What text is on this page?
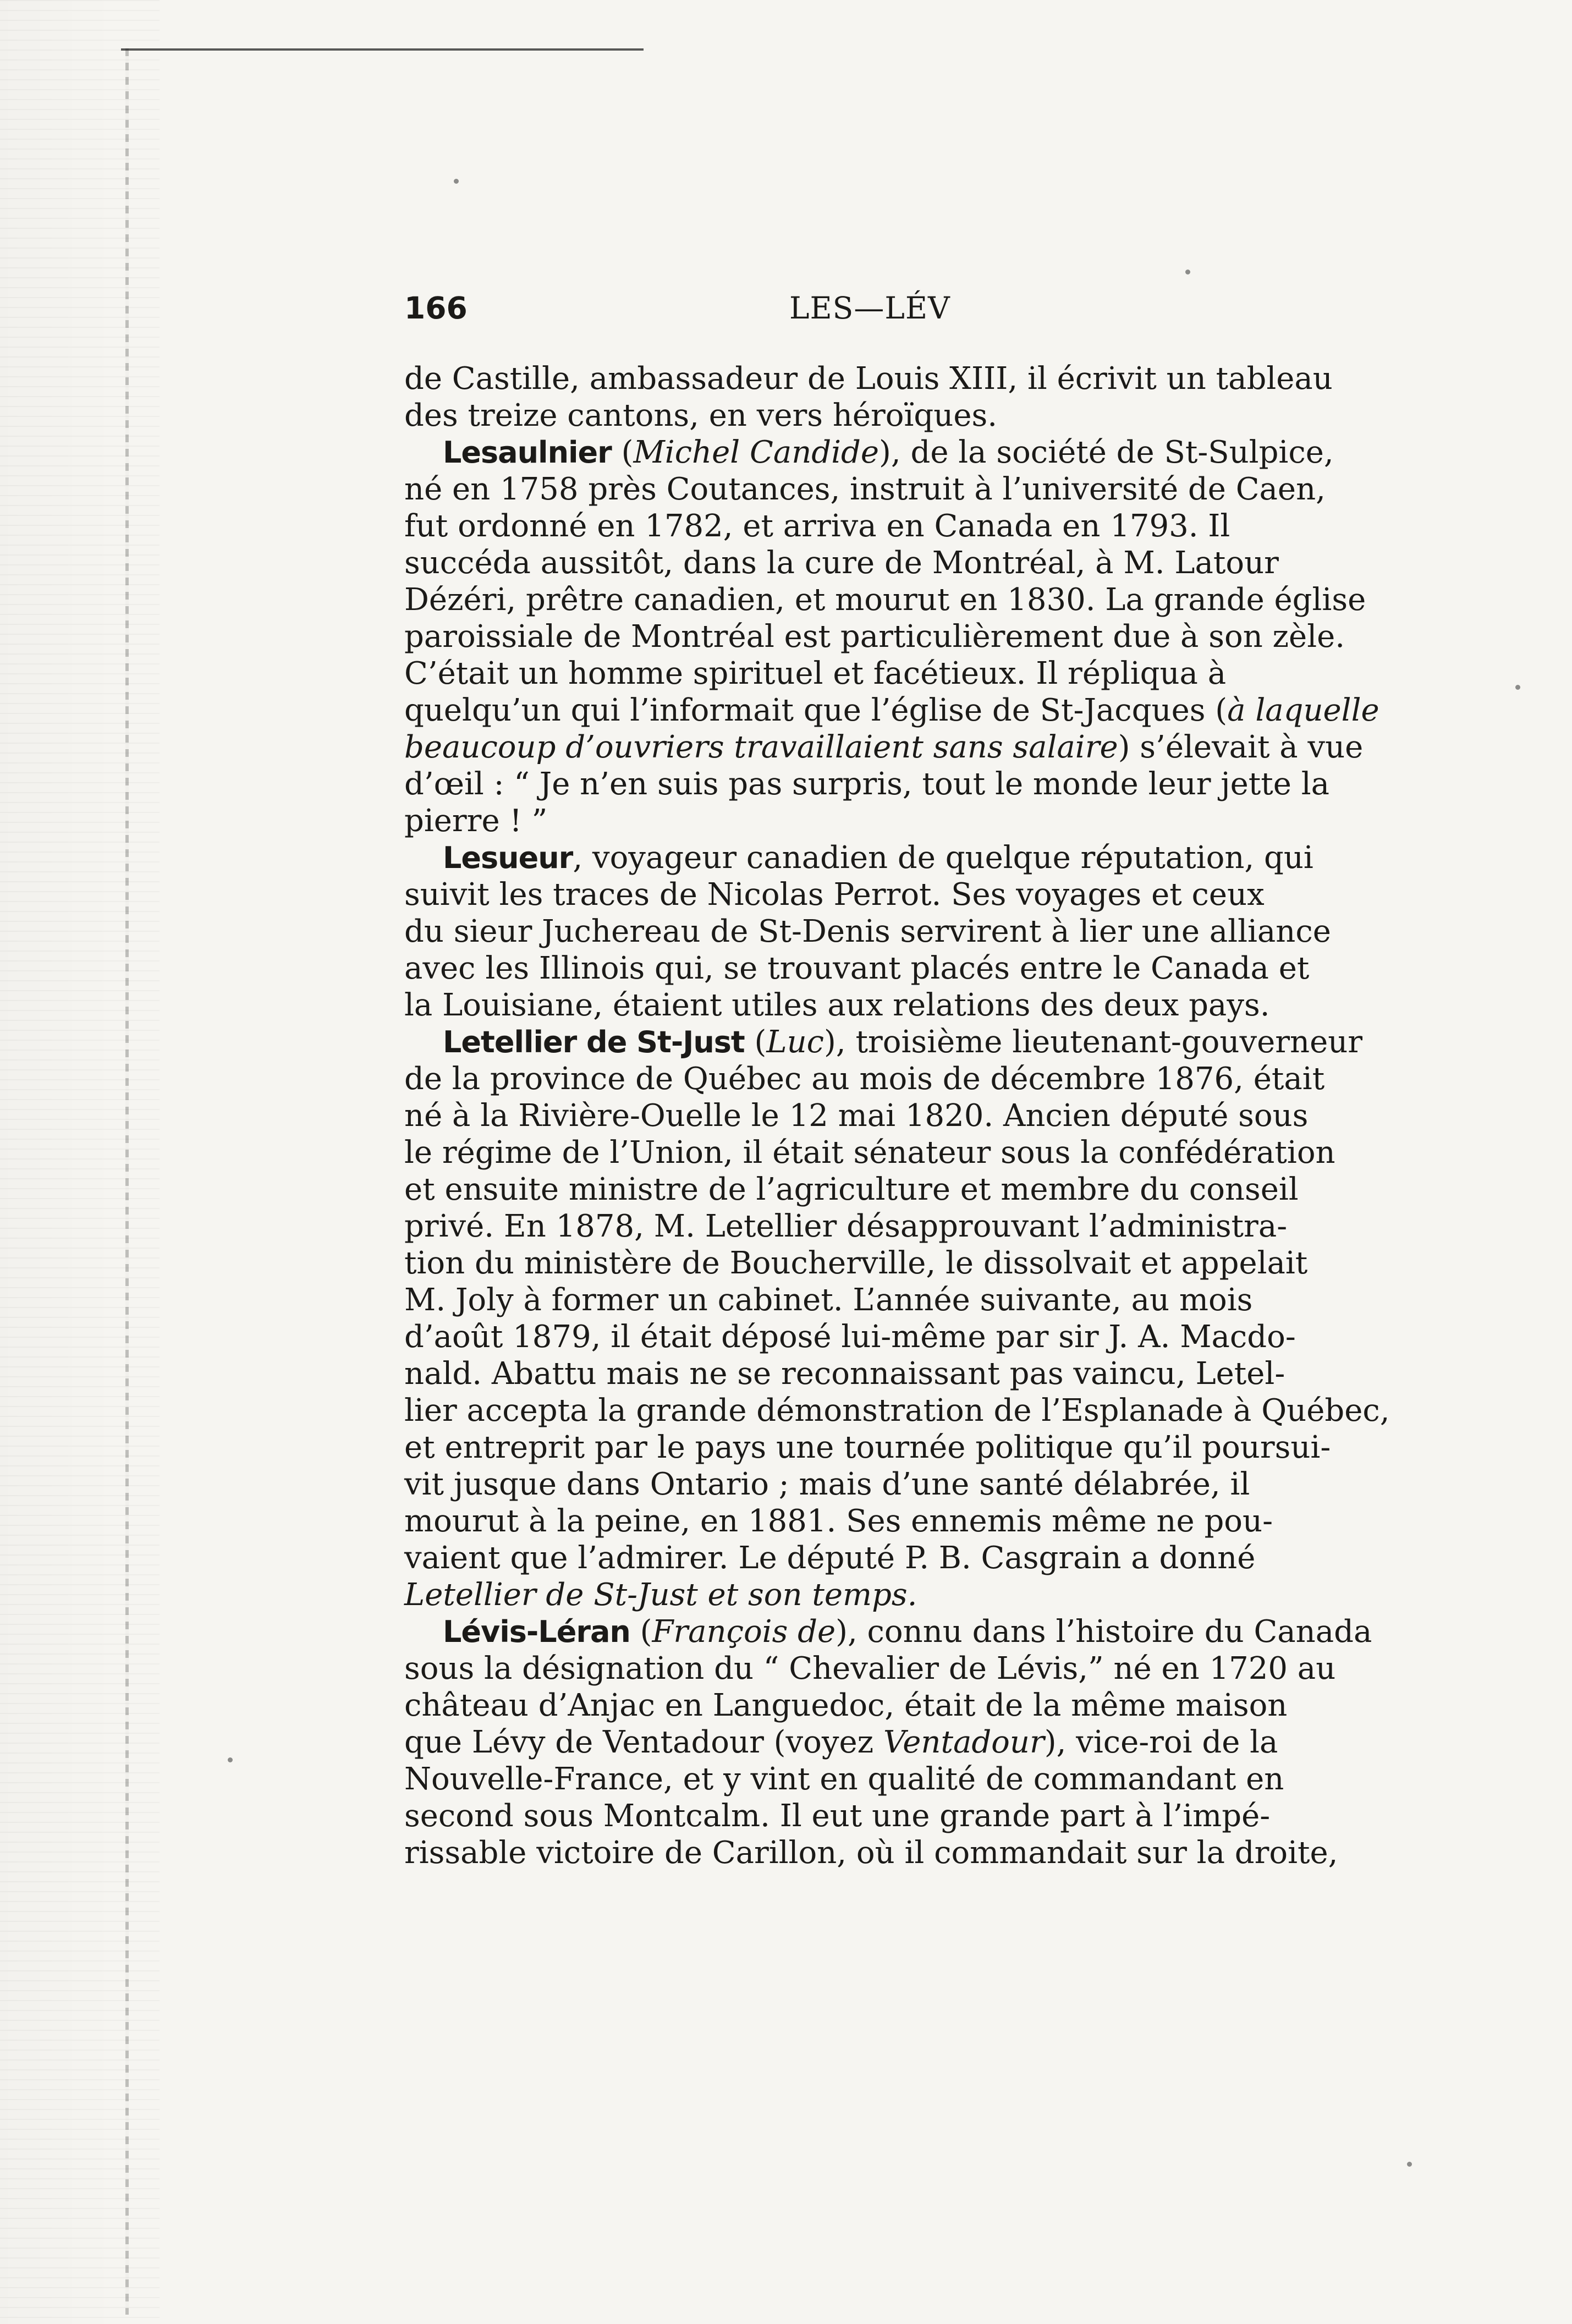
166	LES—LÉV
de Castille, ambassadeur de Louis XIII, il écrivit un tableau
des treize cantons, en vers héroïques.
Lesaulnier (Michel Candide), de la société de St-Sulpice,
né en 1758 près Coutances, instruit à l’université de Caen,
fut ordonné en 1782, et arriva en Canada en 1793. Il
succéda aussitôt, dans la cure de Montréal, à M. Latour
Dézéri, prêtre canadien, et mourut en 1830. La grande église
paroissiale de Montréal est particulièrement due à son zèle.
C’était un homme spirituel et facétieux. Il répliqua à
quelqu’un qui l’informait que l’église de St-Jacques (à laquelle
beaucoup d’ouvriers travaillaient sans salaire) s’élevait à vue
d’œil : “ Je n’en suis pas surpris, tout le monde leur jette la
pierre ! ”
Lesueur, voyageur canadien de quelque réputation, qui
suivit les traces de Nicolas Perrot. Ses voyages et ceux
du sieur Juchereau de St-Denis servirent à lier une alliance
avec les Illinois qui, se trouvant placés entre le Canada et
la Louisiane, étaient utiles aux relations des deux pays.
Letellier de St-Just (Luc), troisième lieutenant-gouverneur
de la province de Québec au mois de décembre 1876, était
né à la Rivière-Ouelle le 12 mai 1820. Ancien député sous
le régime de l’Union, il était sénateur sous la confédération
et ensuite ministre de l’agriculture et membre du conseil
privé. En 1878, M. Letellier désapprouvant l’administra-
tion du ministère de Boucherville, le dissolvait et appelait
M. Joly à former un cabinet. L’année suivante, au mois
d’août 1879, il était déposé lui-même par sir J. A. Macdo-
nald. Abattu mais ne se reconnaissant pas vaincu, Letel-
lier accepta la grande démonstration de l’Esplanade à Québec,
et entreprit par le pays une tournée politique qu’il poursui-
vit jusque dans Ontario ; mais d’une santé délabrée, il
mourut à la peine, en 1881. Ses ennemis même ne pou-
vaient que l’admirer. Le député P. B. Casgrain a donné
Letellier de St-Just et son temps.
Lévis-Léran (François de), connu dans l’histoire du Canada
sous la désignation du “ Chevalier de Lévis,” né en 1720 au
château d’Anjac en Languedoc, était de la même maison
que Lévy de Ventadour (voyez Ventadour), vice-roi de la
Nouvelle-France, et y vint en qualité de commandant en
second sous Montcalm. Il eut une grande part à l’impé-
rissable victoire de Carillon, où il commandait sur la droite,
